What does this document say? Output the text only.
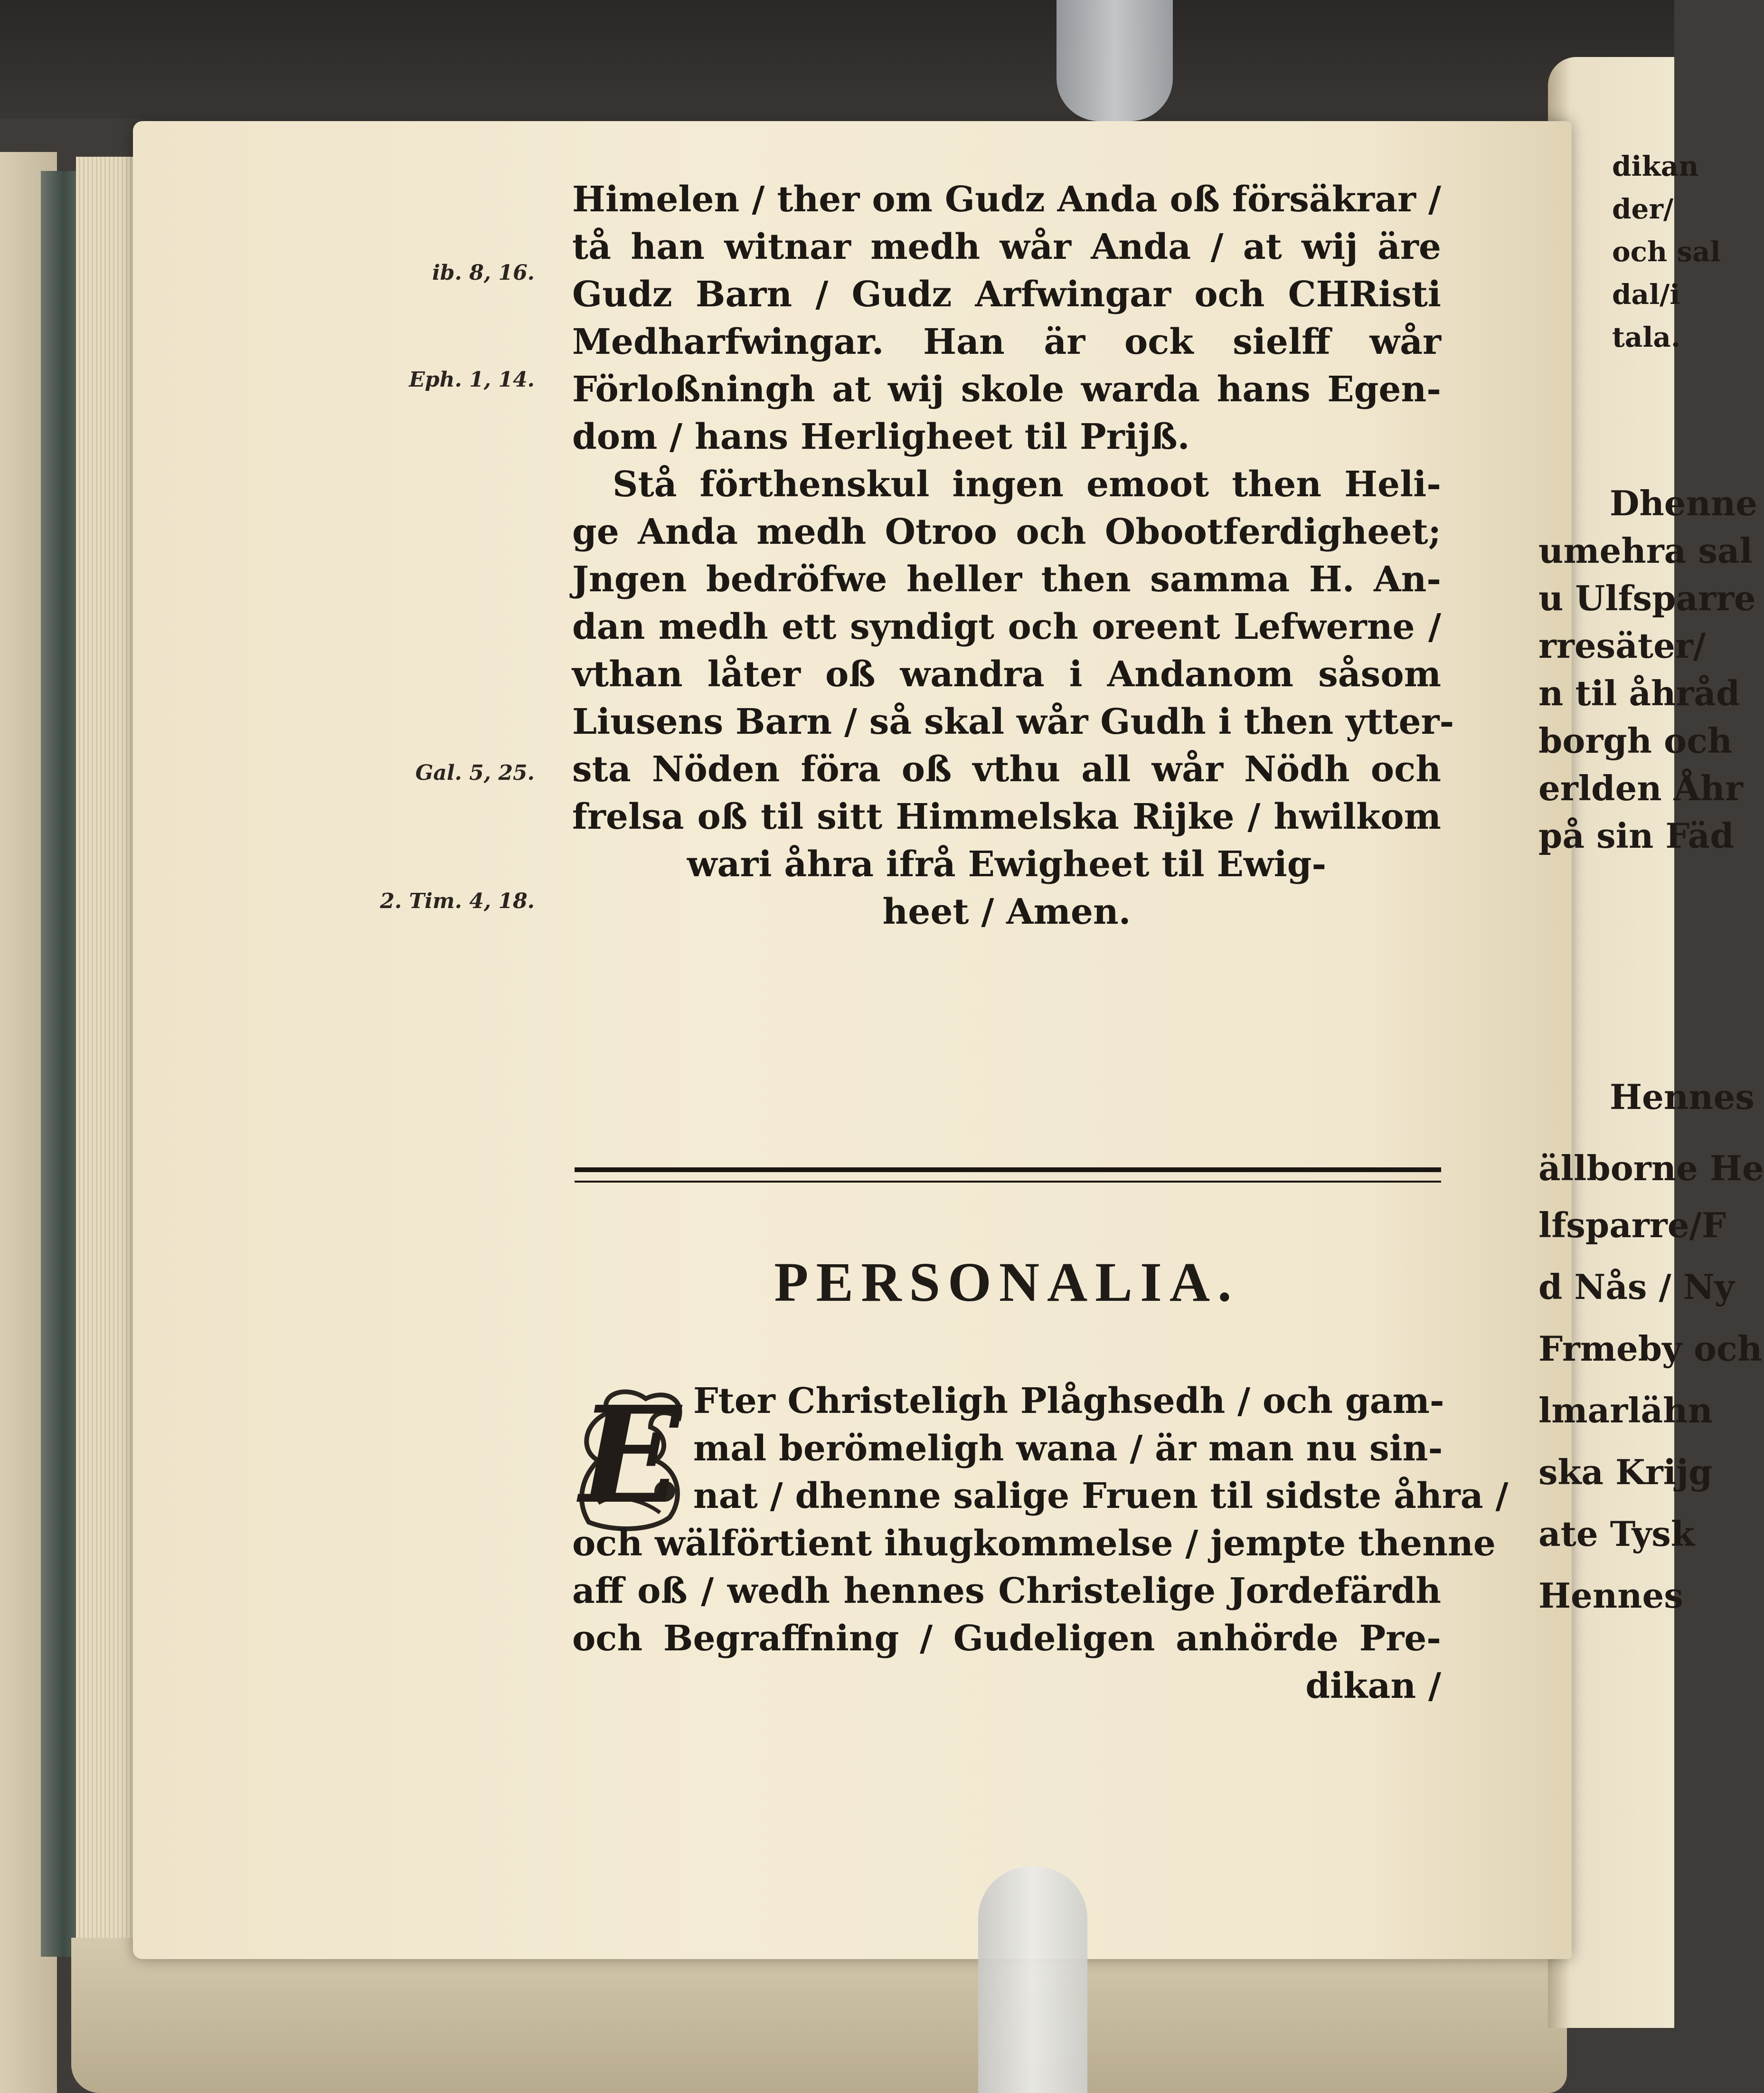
Himelen / ther om Gudz Anda oß försäkrar /

tå han witnar medh wår Anda / at wij äre

Gudz Barn / Gudz Arfwingar och CHRisti

Medharfwingar. Han är ock sielff wår

Förloßningh at wij skole warda hans Egen-

dom / hans Herligheet til Prijß.

Stå förthenskul ingen emoot then Heli-

ge Anda medh Otroo och Obootferdigheet;

Jngen bedröfwe heller then samma H. An-

dan medh ett syndigt och oreent Lefwerne /

vthan låter oß wandra i Andanom såsom

Liusens Barn / så skal wår Gudh i then ytter-

sta Nöden föra oß vthu all wår Nödh och

frelsa oß til sitt Himmelska Rijke / hwilkom

wari åhra ifrå Ewigheet til Ewig-

heet / Amen.

ib. 8, 16.

Eph. 1, 14.

Gal. 5, 25.

2. Tim. 4, 18.

PERSONALIA.
E Fter Christeligh Plåghsedh / och gam-

mal berömeligh wana / är man nu sin-

nat / dhenne salige Fruen til sidste åhra /

och wälförtient ihugkommelse / jempte thenne

aff oß / wedh hennes Christelige Jordefärdh

och Begraffning / Gudeligen anhörde Pre-

dikan /

dikan

der/

och sal

dal/i

tala.

Dhenne

umehra sal

u Ulfsparre

rresäter/

n til åhråd

borgh och

erlden Åhr

på sin Fäd

Hennes

ällborne He

lfsparre/F

d Nås / Ny

Frmeby och

lmarlähn

ska Krijg

ate Tysk

Hennes
